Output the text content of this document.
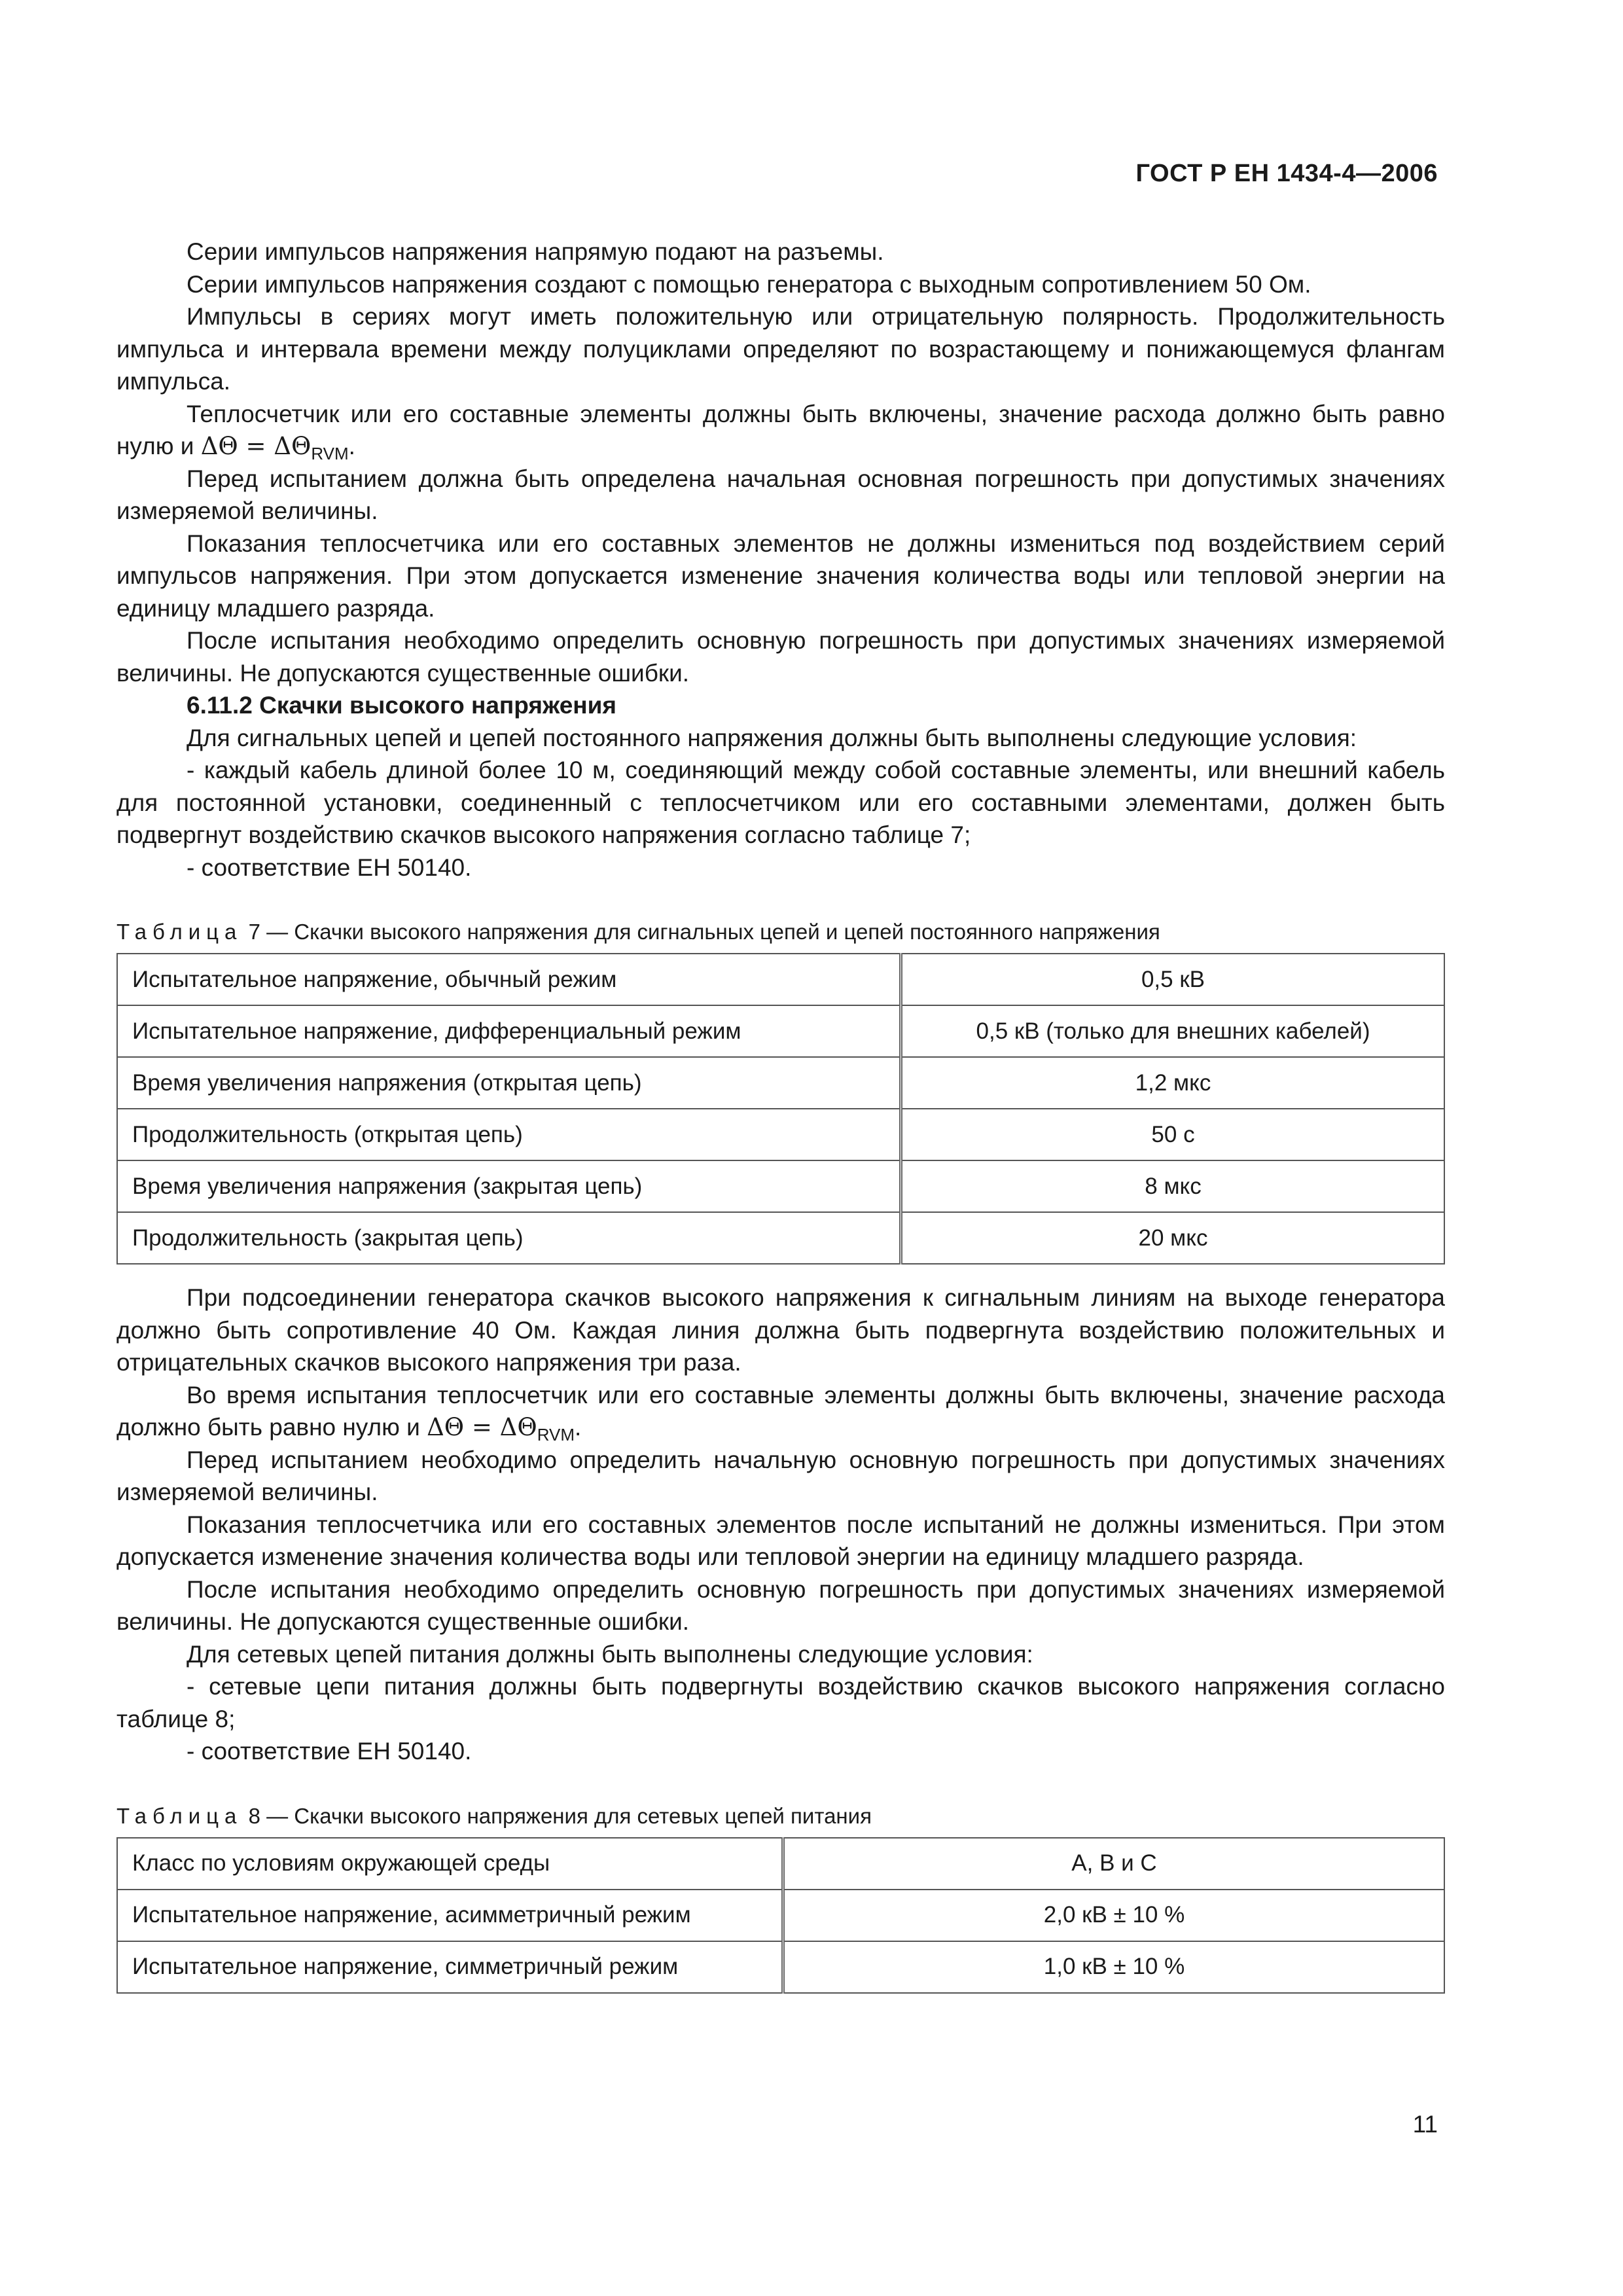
ГОСТ Р ЕН 1434-4—2006

Серии импульсов напряжения напрямую подают на разъемы.

Серии импульсов напряжения создают с помощью генератора с выходным сопротивлением 50 Ом.

Импульсы в сериях могут иметь положительную или отрицательную полярность. Продолжительность импульса и интервала времени между полуциклами определяют по возрастающему и понижающемуся флангам импульса.

Теплосчетчик или его составные элементы должны быть включены, значение расхода должно быть равно нулю и $\Delta\Theta = \Delta\Theta_{RVM}$.

Перед испытанием должна быть определена начальная основная погрешность при допустимых значениях измеряемой величины.

Показания теплосчетчика или его составных элементов не должны измениться под воздействием серий импульсов напряжения. При этом допускается изменение значения количества воды или тепловой энергии на единицу младшего разряда.

После испытания необходимо определить основную погрешность при допустимых значениях измеряемой величины. Не допускаются существенные ошибки.

6.11.2 Скачки высокого напряжения

Для сигнальных цепей и цепей постоянного напряжения должны быть выполнены следующие условия:

- каждый кабель длиной более 10 м, соединяющий между собой составные элементы, или внешний кабель для постоянной установки, соединенный с теплосчетчиком или его составными элементами, должен быть подвергнут воздействию скачков высокого напряжения согласно таблице 7;

- соответствие ЕН 50140.

Таблица 7 — Скачки высокого напряжения для сигнальных цепей и цепей постоянного напряжения
Испытательное напряжение, обычный режим	0,5 кВ
Испытательное напряжение, дифференциальный режим	0,5 кВ (только для внешних кабелей)
Время увеличения напряжения (открытая цепь)	1,2 мкс
Продолжительность (открытая цепь)	50 с
Время увеличения напряжения (закрытая цепь)	8 мкс
Продолжительность (закрытая цепь)	20 мкс

При подсоединении генератора скачков высокого напряжения к сигнальным линиям на выходе генератора должно быть сопротивление 40 Ом. Каждая линия должна быть подвергнута воздействию положительных и отрицательных скачков высокого напряжения три раза.

Во время испытания теплосчетчик или его составные элементы должны быть включены, значение расхода должно быть равно нулю и $\Delta\Theta = \Delta\Theta_{RVM}$.

Перед испытанием необходимо определить начальную основную погрешность при допустимых значениях измеряемой величины.

Показания теплосчетчика или его составных элементов после испытаний не должны измениться. При этом допускается изменение значения количества воды или тепловой энергии на единицу младшего разряда.

После испытания необходимо определить основную погрешность при допустимых значениях измеряемой величины. Не допускаются существенные ошибки.

Для сетевых цепей питания должны быть выполнены следующие условия:

- сетевые цепи питания должны быть подвергнуты воздействию скачков высокого напряжения согласно таблице 8;

- соответствие ЕН 50140.

Таблица 8 — Скачки высокого напряжения для сетевых цепей питания
Класс по условиям окружающей среды	А, В и С
Испытательное напряжение, асимметричный режим	2,0 кВ ± 10 %
Испытательное напряжение, симметричный режим	1,0 кВ ± 10 %
11
